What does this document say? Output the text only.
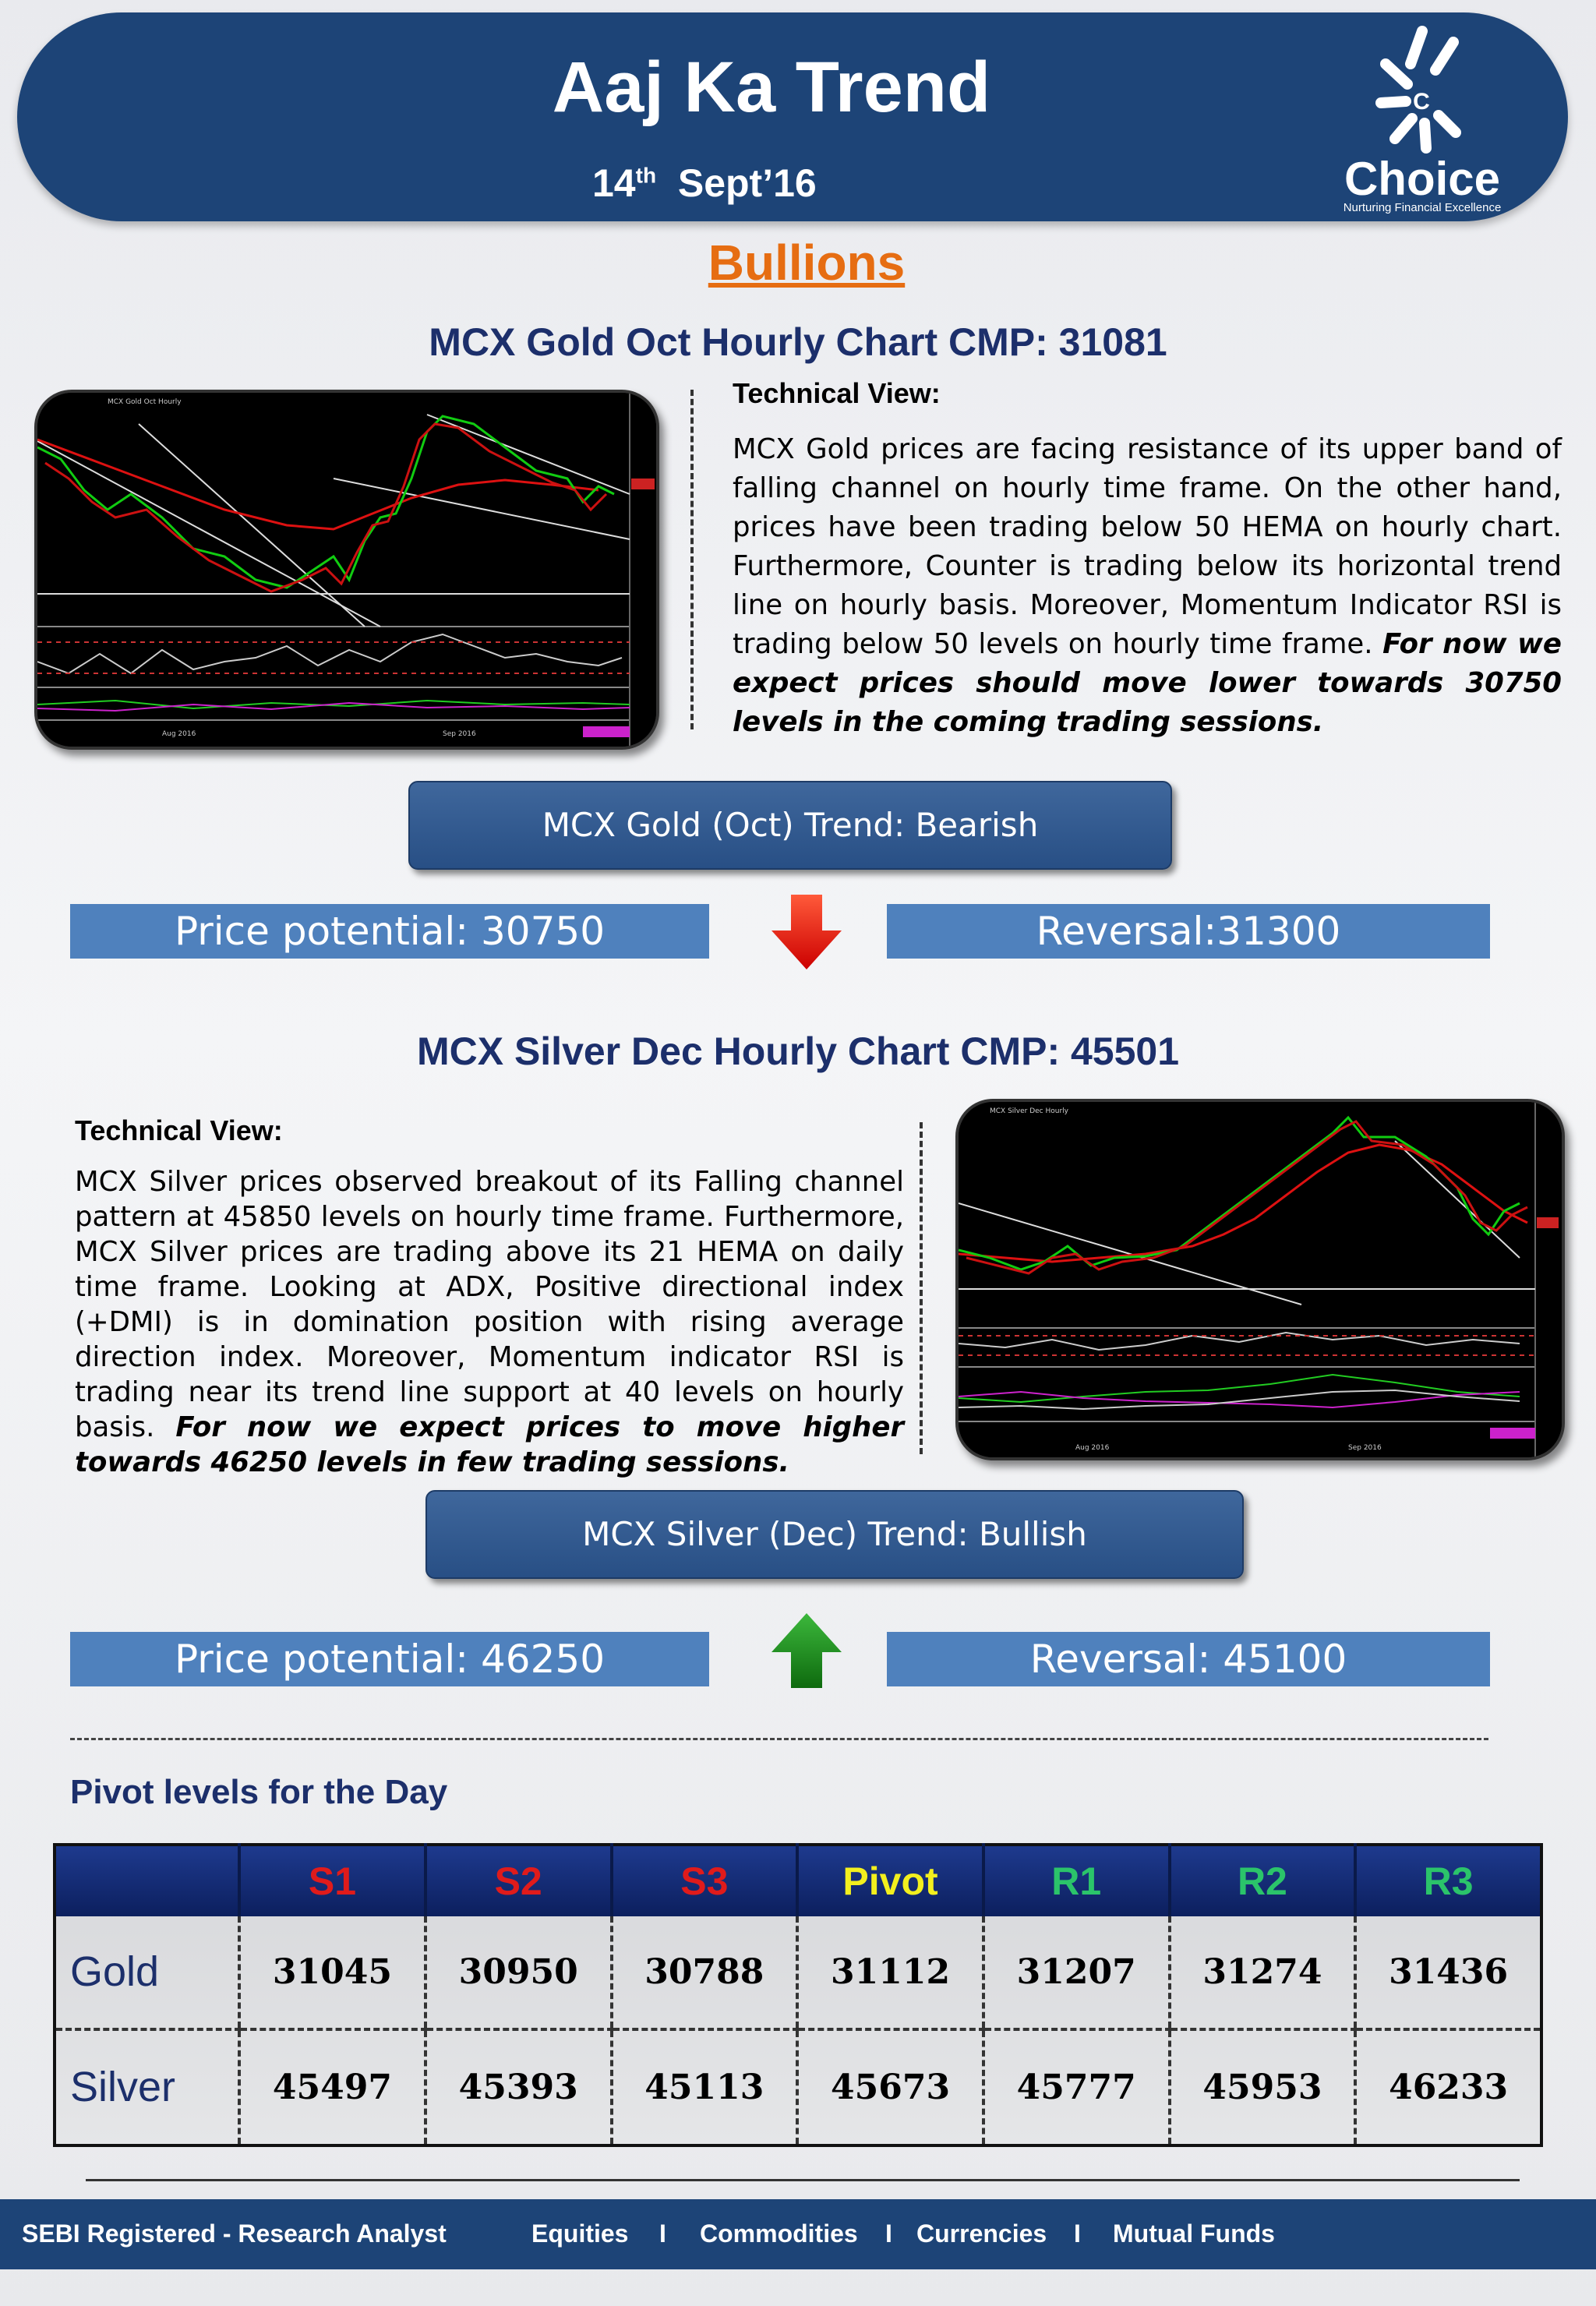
Aaj Ka Trend
14th Sept’16
C
Choice
Nurturing Financial Excellence
Bullions
MCX Gold Oct Hourly Chart CMP: 31081
MCX Gold Oct Hourly
Aug 2016	Sep 2016
Technical View:
MCX Gold prices are facing resistance of its upper band of falling channel on hourly time frame. On the other hand, prices have been trading below 50 HEMA on hourly chart. Furthermore, Counter is trading below its horizontal trend line on hourly basis. Moreover, Momentum Indicator RSI is trading below 50 levels on hourly time frame. For now we expect prices should move lower towards 30750 levels in the coming trading sessions.
MCX Gold (Oct) Trend: Bearish
Price potential: 30750	Reversal:31300
MCX Silver Dec Hourly Chart CMP: 45501
Technical View:
MCX Silver prices observed breakout of its Falling channel pattern at 45850 levels on hourly time frame. Furthermore, MCX Silver prices are trading above its 21 HEMA on daily time frame. Looking at ADX, Positive directional index (+DMI) is in domination position with rising average direction index. Moreover, Momentum indicator RSI is trading near its trend line support at 40 levels on hourly basis. For now we expect prices to move higher towards 46250 levels in few trading sessions.
MCX Silver Dec Hourly
Aug 2016	Sep 2016
MCX Silver (Dec) Trend: Bullish
Price potential: 46250	Reversal: 45100
Pivot levels for the Day
	S1	S2	S3	Pivot	R1	R2	R3
Gold	31045	30950	30788	31112	31207	31274	31436
Silver	45497	45393	45113	45673	45777	45953	46233
SEBI Registered - Research Analyst	Equities I Commodities I Currencies I Mutual Funds
